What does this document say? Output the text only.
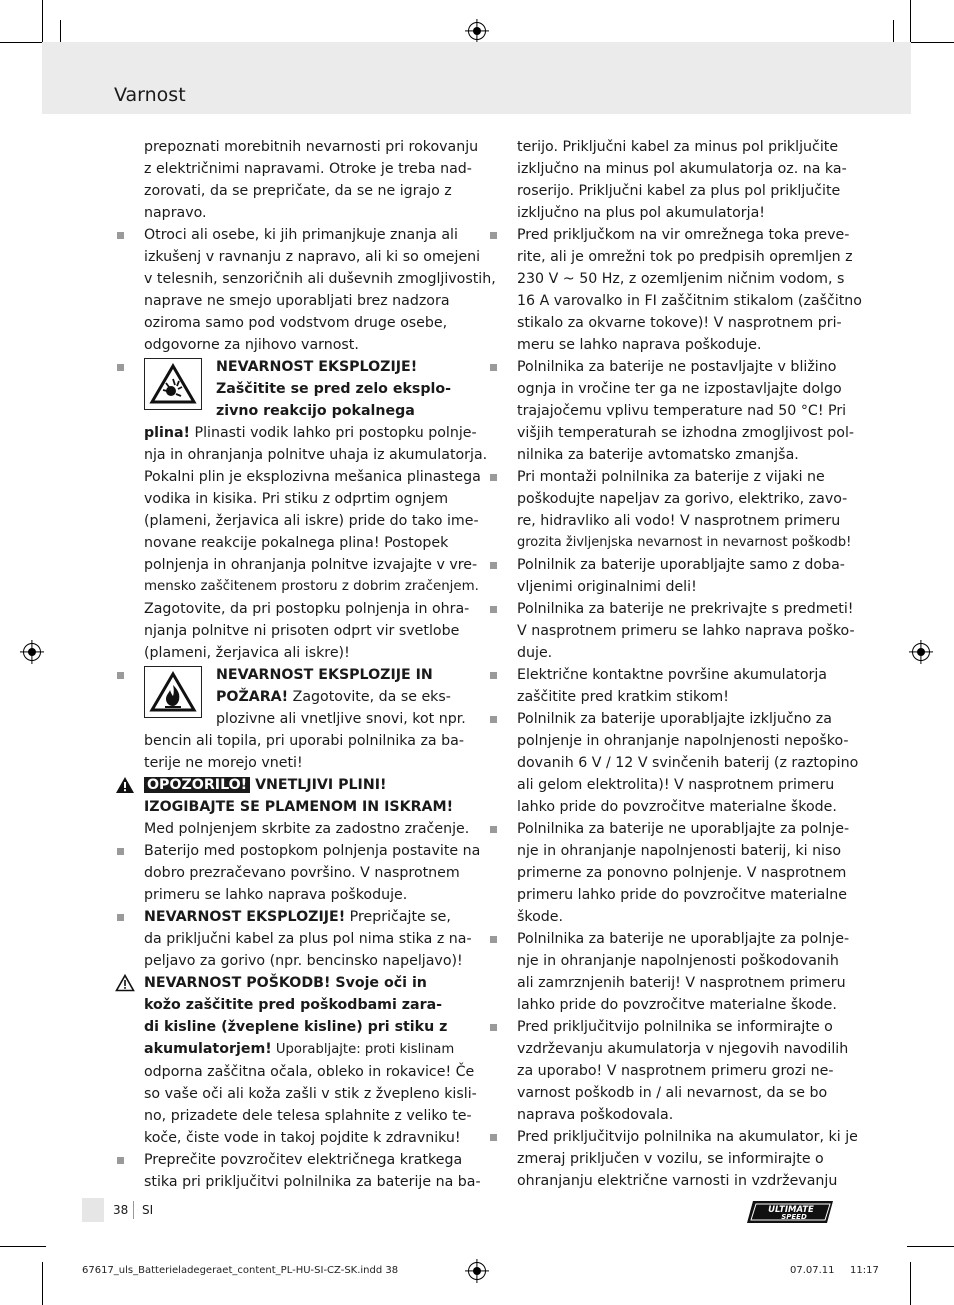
Varnost
prepoznati morebitnih nevarnosti pri rokovanju
z električnimi napravami. Otroke je treba nad-
zorovati, da se prepričate, da se ne igrajo z
napravo.
Otroci ali osebe, ki jih primanjkuje znanja ali
izkušenj v ravnanju z napravo, ali ki so omejeni
v telesnih, senzoričnih ali duševnih zmogljivostih,
naprave ne smejo uporabljati brez nadzora
oziroma samo pod vodstvom druge osebe,
odgovorne za njihovo varnost.
NEVARNOST EKSPLOZIJE!
Zaščitite se pred zelo eksplo-
zivno reakcijo pokalnega
plina! Plinasti vodik lahko pri postopku polnje-
nja in ohranjanja polnitve uhaja iz akumulatorja.
Pokalni plin je eksplozivna mešanica plinastega
vodika in kisika. Pri stiku z odprtim ognjem
(plameni, žerjavica ali iskre) pride do tako ime-
novane reakcije pokalnega plina! Postopek
polnjenja in ohranjanja polnitve izvajajte v vre-
mensko zaščitenem prostoru z dobrim zračenjem.
Zagotovite, da pri postopku polnjenja in ohra-
njanja polnitve ni prisoten odprt vir svetlobe
(plameni, žerjavica ali iskre)!
NEVARNOST EKSPLOZIJE IN
POŽARA! Zagotovite, da se eks-
plozivne ali vnetljive snovi, kot npr.
bencin ali topila, pri uporabi polnilnika za ba-
terije ne morejo vneti!
OPOZORILO! VNETLJIVI PLINI!
IZOGIBAJTE SE PLAMENOM IN ISKRAM!
Med polnjenjem skrbite za zadostno zračenje.
Baterijo med postopkom polnjenja postavite na
dobro prezračevano površino. V nasprotnem
primeru se lahko naprava poškoduje.
NEVARNOST EKSPLOZIJE! Prepričajte se,
da priključni kabel za plus pol nima stika z na-
peljavo za gorivo (npr. bencinsko napeljavo)!
NEVARNOST POŠKODB! Svoje oči in
kožo zaščitite pred poškodbami zara-
di kisline (žveplene kisline) pri stiku z
akumulatorjem! Uporabljajte: proti kislinam
odporna zaščitna očala, obleko in rokavice! Če
so vaše oči ali koža zašli v stik z žvepleno kisli-
no, prizadete dele telesa splahnite z veliko te-
koče, čiste vode in takoj pojdite k zdravniku!
Preprečite povzročitev električnega kratkega
stika pri priključitvi polnilnika za baterije na ba-
terijo. Priključni kabel za minus pol priključite
izključno na minus pol akumulatorja oz. na ka-
roserijo. Priključni kabel za plus pol priključite
izključno na plus pol akumulatorja!
Pred priključkom na vir omrežnega toka preve-
rite, ali je omrežni tok po predpisih opremljen z
230 V ~ 50 Hz, z ozemljenim ničnim vodom, s
16 A varovalko in FI zaščitnim stikalom (zaščitno
stikalo za okvarne tokove)! V nasprotnem pri-
meru se lahko naprava poškoduje.
Polnilnika za baterije ne postavljajte v bližino
ognja in vročine ter ga ne izpostavljajte dolgo
trajajočemu vplivu temperature nad 50 °C! Pri
višjih temperaturah se izhodna zmogljivost pol-
nilnika za baterije avtomatsko zmanjša.
Pri montaži polnilnika za baterije z vijaki ne
poškodujte napeljav za gorivo, elektriko, zavo-
re, hidravliko ali vodo! V nasprotnem primeru
grozita življenjska nevarnost in nevarnost poškodb!
Polnilnik za baterije uporabljajte samo z doba-
vljenimi originalnimi deli!
Polnilnika za baterije ne prekrivajte s predmeti!
V nasprotnem primeru se lahko naprava poško-
duje.
Električne kontaktne površine akumulatorja
zaščitite pred kratkim stikom!
Polnilnik za baterije uporabljajte izključno za
polnjenje in ohranjanje napolnjenosti nepoško-
dovanih 6 V / 12 V svinčenih baterij (z raztopino
ali gelom elektrolita)! V nasprotnem primeru
lahko pride do povzročitve materialne škode.
Polnilnika za baterije ne uporabljajte za polnje-
nje in ohranjanje napolnjenosti baterij, ki niso
primerne za ponovno polnjenje. V nasprotnem
primeru lahko pride do povzročitve materialne
škode.
Polnilnika za baterije ne uporabljajte za polnje-
nje in ohranjanje napolnjenosti poškodovanih
ali zamrznjenih baterij! V nasprotnem primeru
lahko pride do povzročitve materialne škode.
Pred priključitvijo polnilnika se informirajte o
vzdrževanju akumulatorja v njegovih navodilih
za uporabo! V nasprotnem primeru grozi ne-
varnost poškodb in / ali nevarnost, da se bo
naprava poškodovala.
Pred priključitvijo polnilnika na akumulator, ki je
zmeraj priključen v vozilu, se informirajte o
ohranjanju električne varnosti in vzdrževanju
38 SI	ULTIMATE
SPEED
67617_uls_Batterieladegeraet_content_PL-HU-SI-CZ-SK.indd 38	07.07.11 11:17
